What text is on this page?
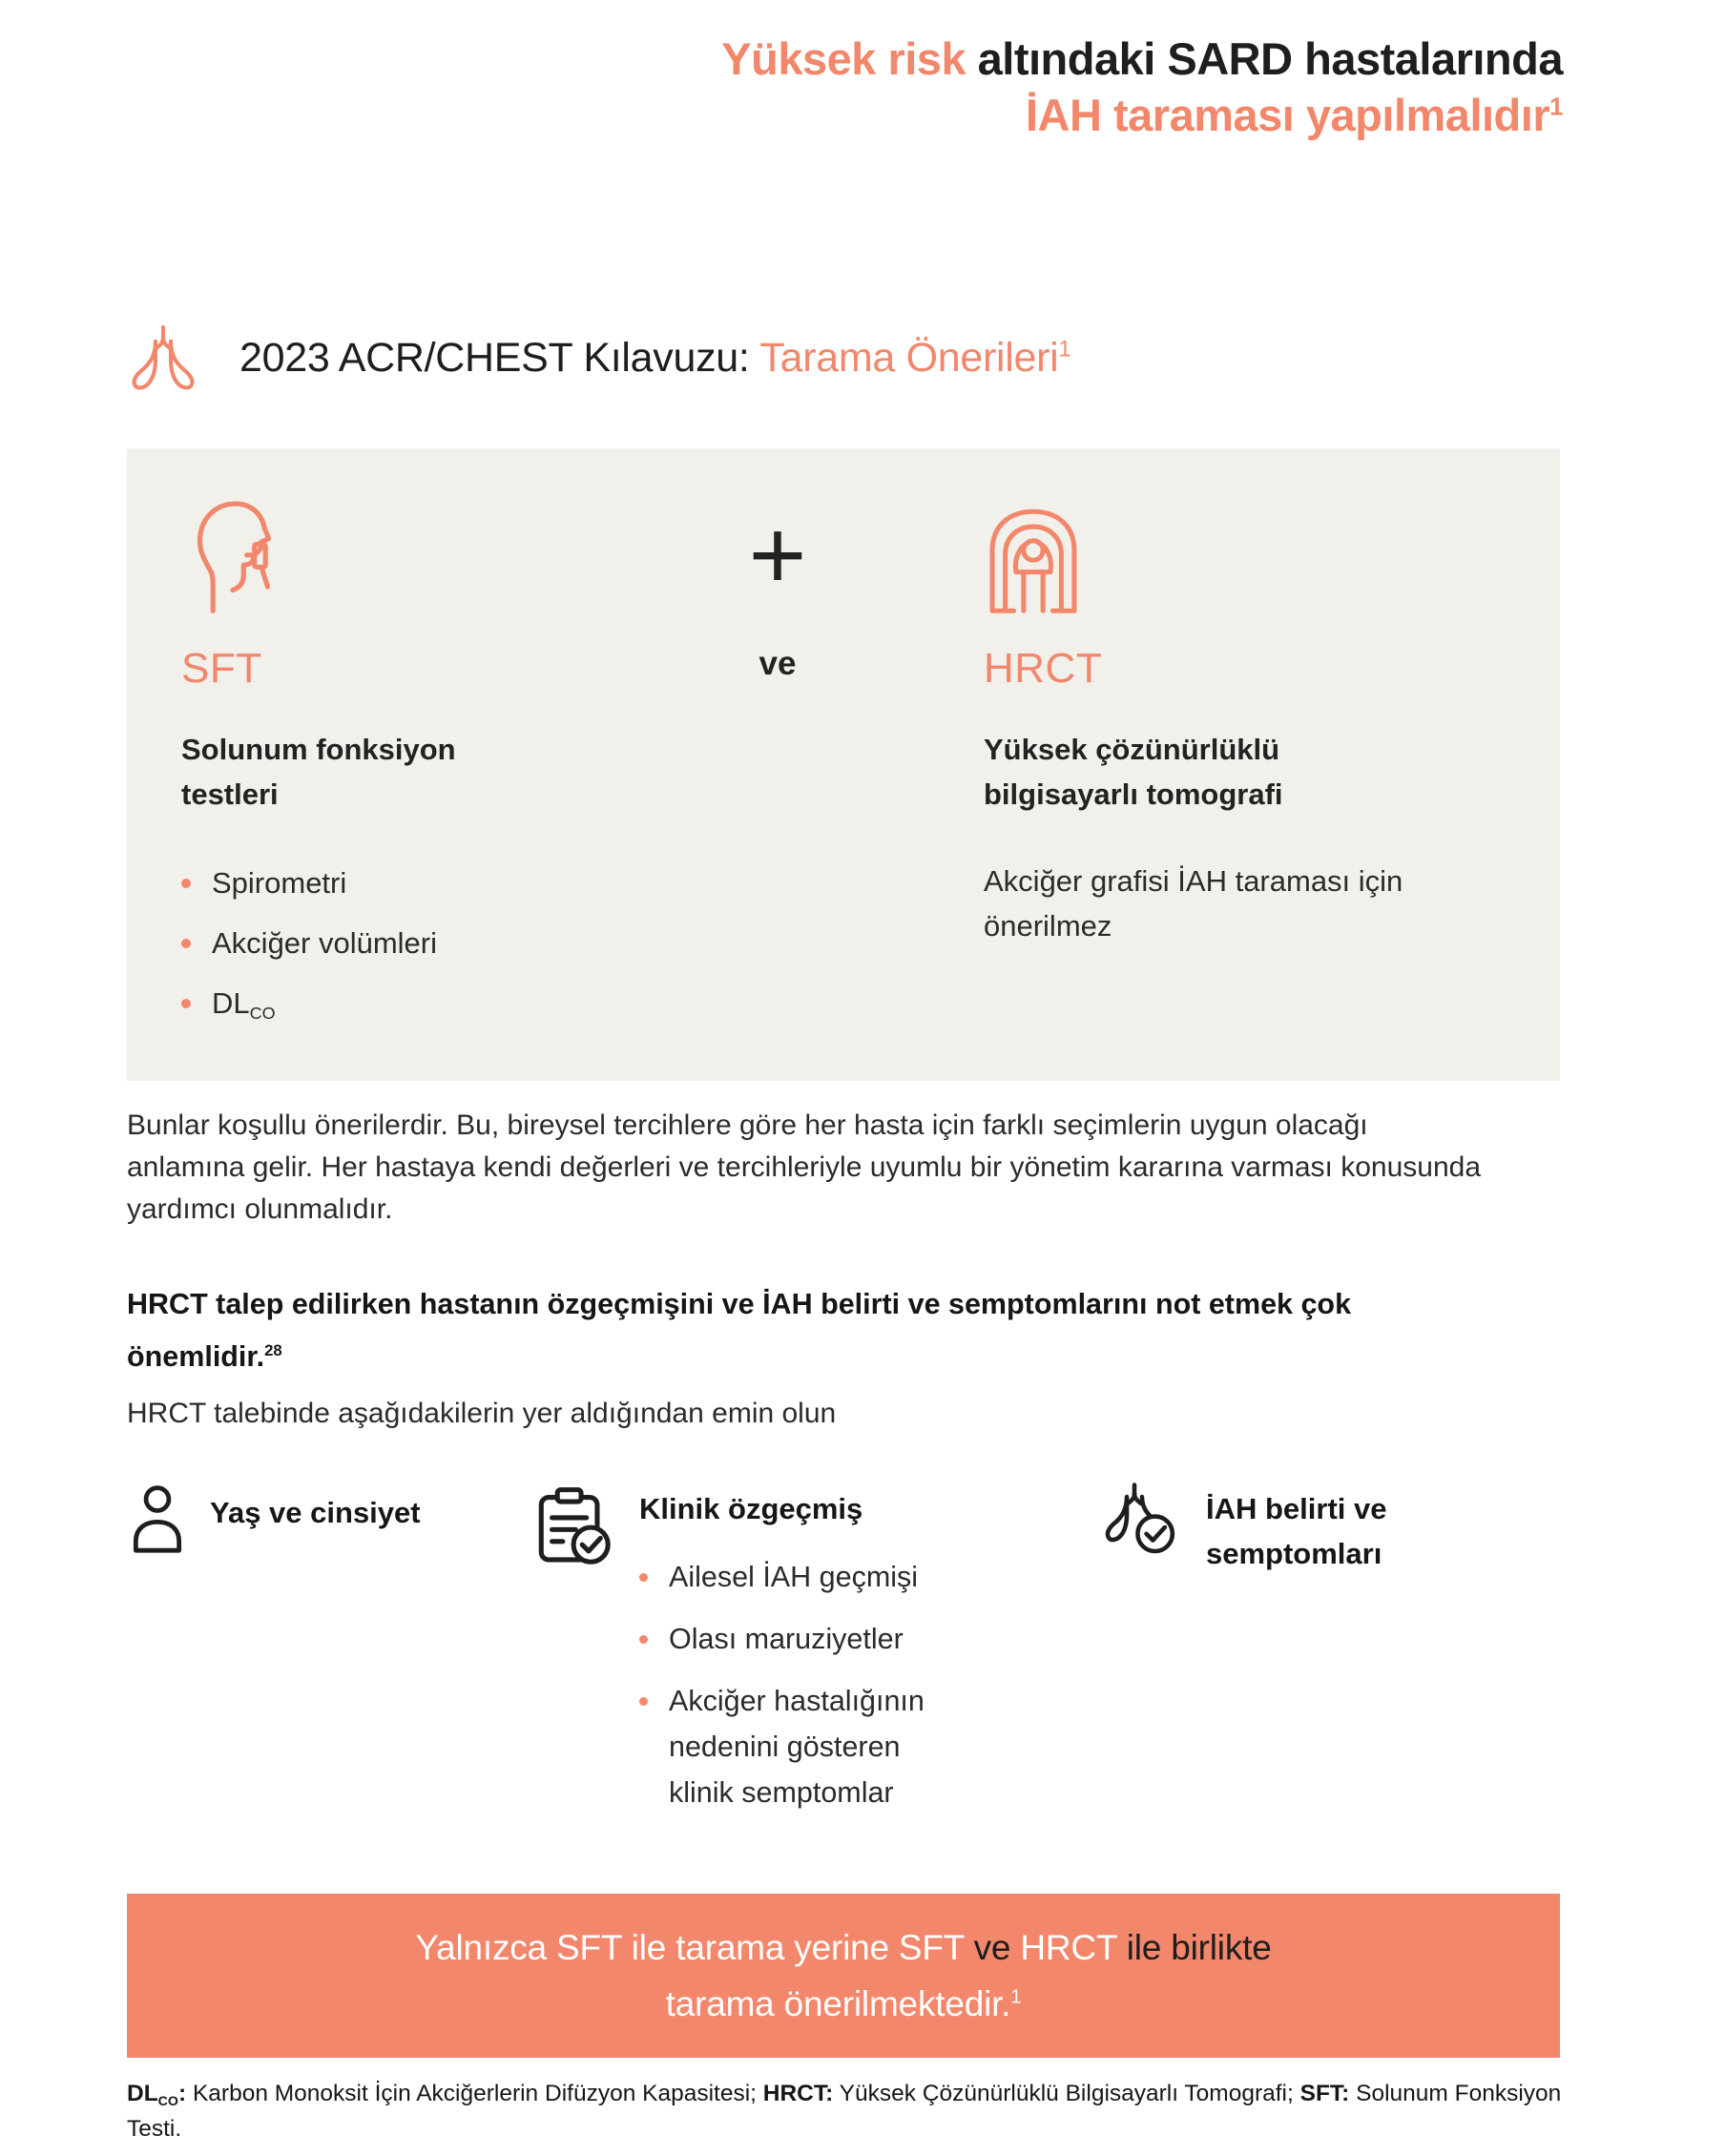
Yüksek risk altındaki SARD hastalarında
İAH taraması yapılmalıdır$^1$
2023 ACR/CHEST Kılavuzu: Tarama Önerileri$^1$
SFT
Solunum fonksiyon testleri
Spirometri
Akciğer volümleri
$DL_{CO}$
+
ve	HRCT
Yüksek çözünürlüklü bilgisayarlı tomografi
Akciğer grafisi İAH taraması için önerilmez

Bunlar koşullu önerilerdir. Bu, bireysel tercihlere göre her hasta için farklı seçimlerin uygun olacağı anlamına gelir. Her hastaya kendi değerleri ve tercihleriyle uyumlu bir yönetim kararına varması konusunda yardımcı olunmalıdır.

HRCT talep edilirken hastanın özgeçmişini ve İAH belirti ve semptomlarını not etmek çok önemlidir.$^{28}$

HRCT talebinde aşağıdakilerin yer aldığından emin olun

Yaş ve cinsiyet	Klinik özgeçmiş
Ailesel İAH geçmişi
Olası maruziyetler
Akciğer hastalığının nedenini gösteren klinik semptomlar
İAH belirti ve semptomları
Yalnızca SFT ile tarama yerine SFT ve HRCT ile birlikte
tarama önerilmektedir.$^1$

$DL_{CO}$: Karbon Monoksit İçin Akciğerlerin Difüzyon Kapasitesi; HRCT: Yüksek Çözünürlüklü Bilgisayarlı Tomografi; SFT: Solunum Fonksiyon Testi.
